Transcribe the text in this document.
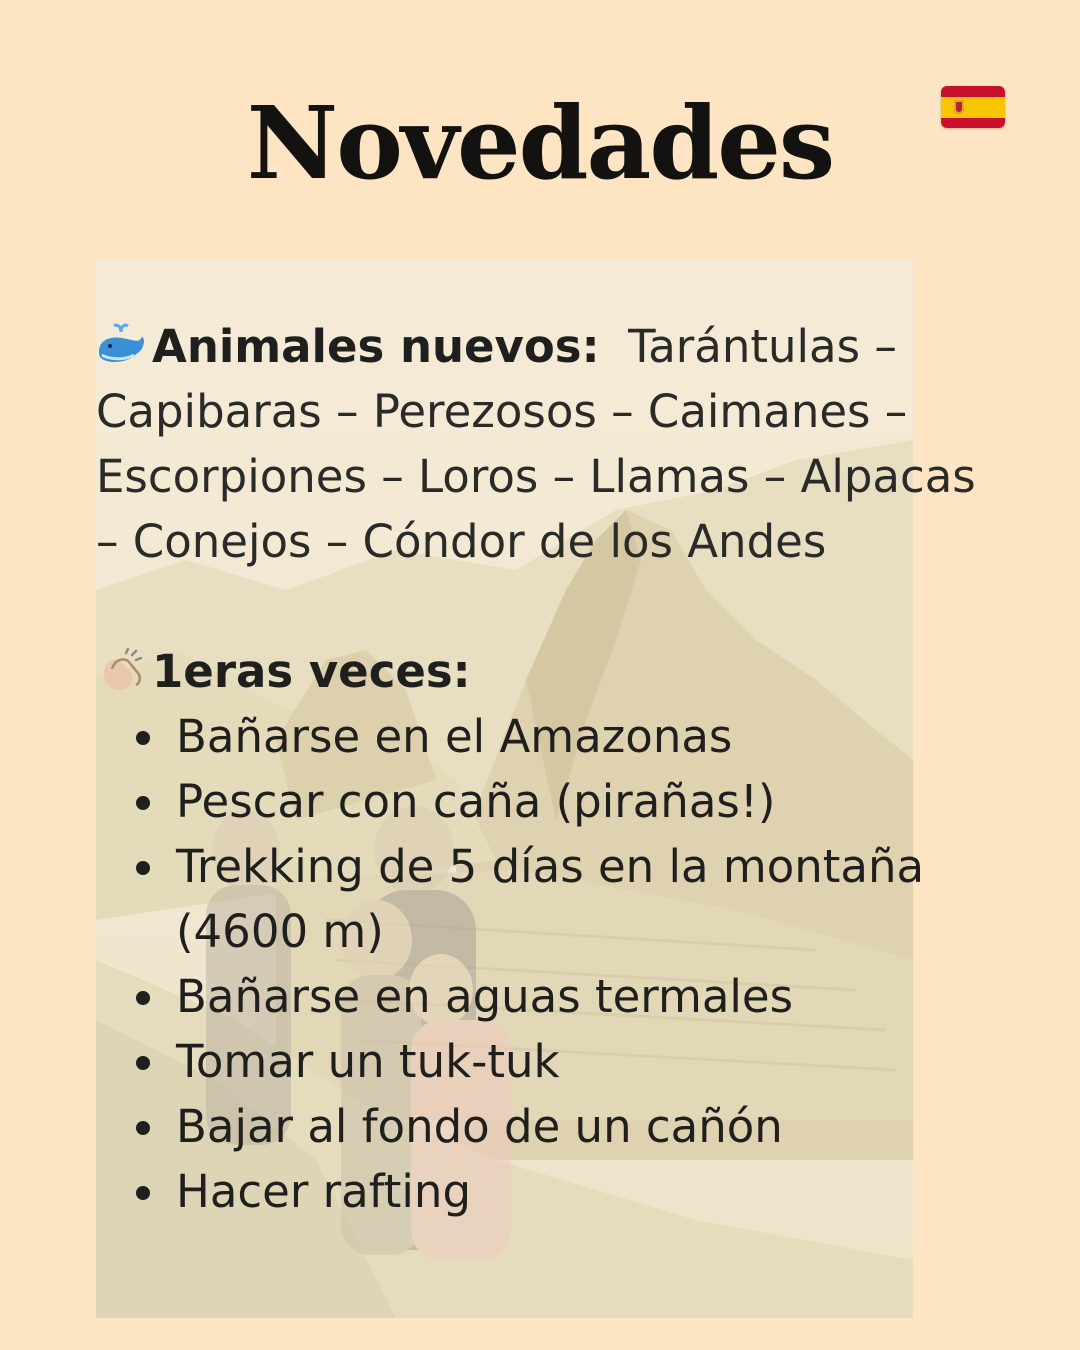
Novedades

Animales nuevos: Tarántulas – Capibaras – Perezosos – Caimanes – Escorpiones – Loros – Llamas – Alpacas – Conejos – Cóndor de los Andes

1eras veces:

Bañarse en el Amazonas
Pescar con caña (pirañas!)
Trekking de 5 días en la montaña (4600 m)
Bañarse en aguas termales
Tomar un tuk-tuk
Bajar al fondo de un cañón
Hacer rafting
